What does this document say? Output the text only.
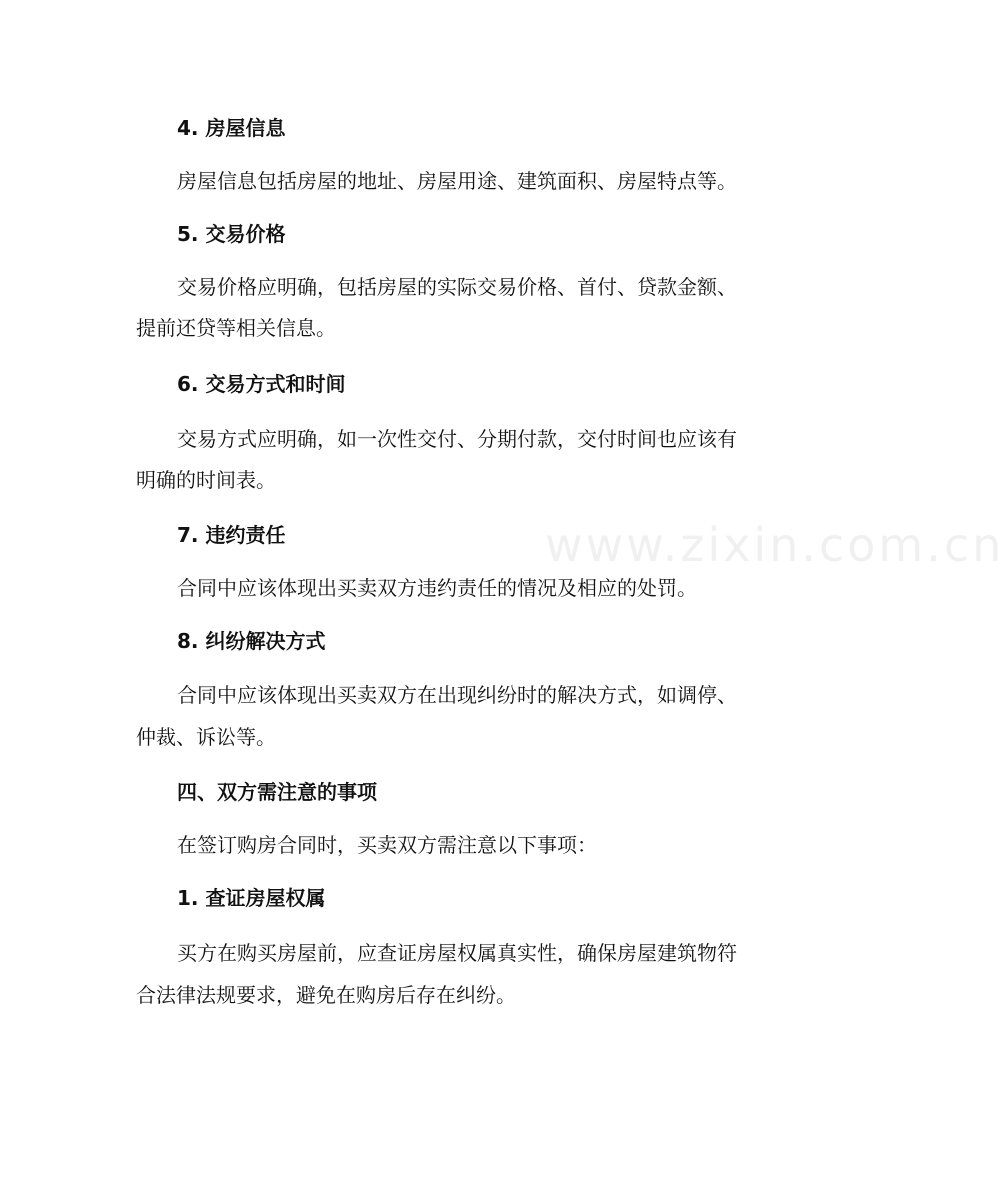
www.zixin.com.cn
4. 房屋信息
房屋信息包括房屋的地址、房屋用途、建筑面积、房屋特点等。
5. 交易价格
交易价格应明确，包括房屋的实际交易价格、首付、贷款金额、
提前还贷等相关信息。
6. 交易方式和时间
交易方式应明确，如一次性交付、分期付款，交付时间也应该有
明确的时间表。
7. 违约责任
合同中应该体现出买卖双方违约责任的情况及相应的处罚。
8. 纠纷解决方式
合同中应该体现出买卖双方在出现纠纷时的解决方式，如调停、
仲裁、诉讼等。
四、双方需注意的事项
在签订购房合同时，买卖双方需注意以下事项：
1. 查证房屋权属
买方在购买房屋前，应查证房屋权属真实性，确保房屋建筑物符
合法律法规要求，避免在购房后存在纠纷。
